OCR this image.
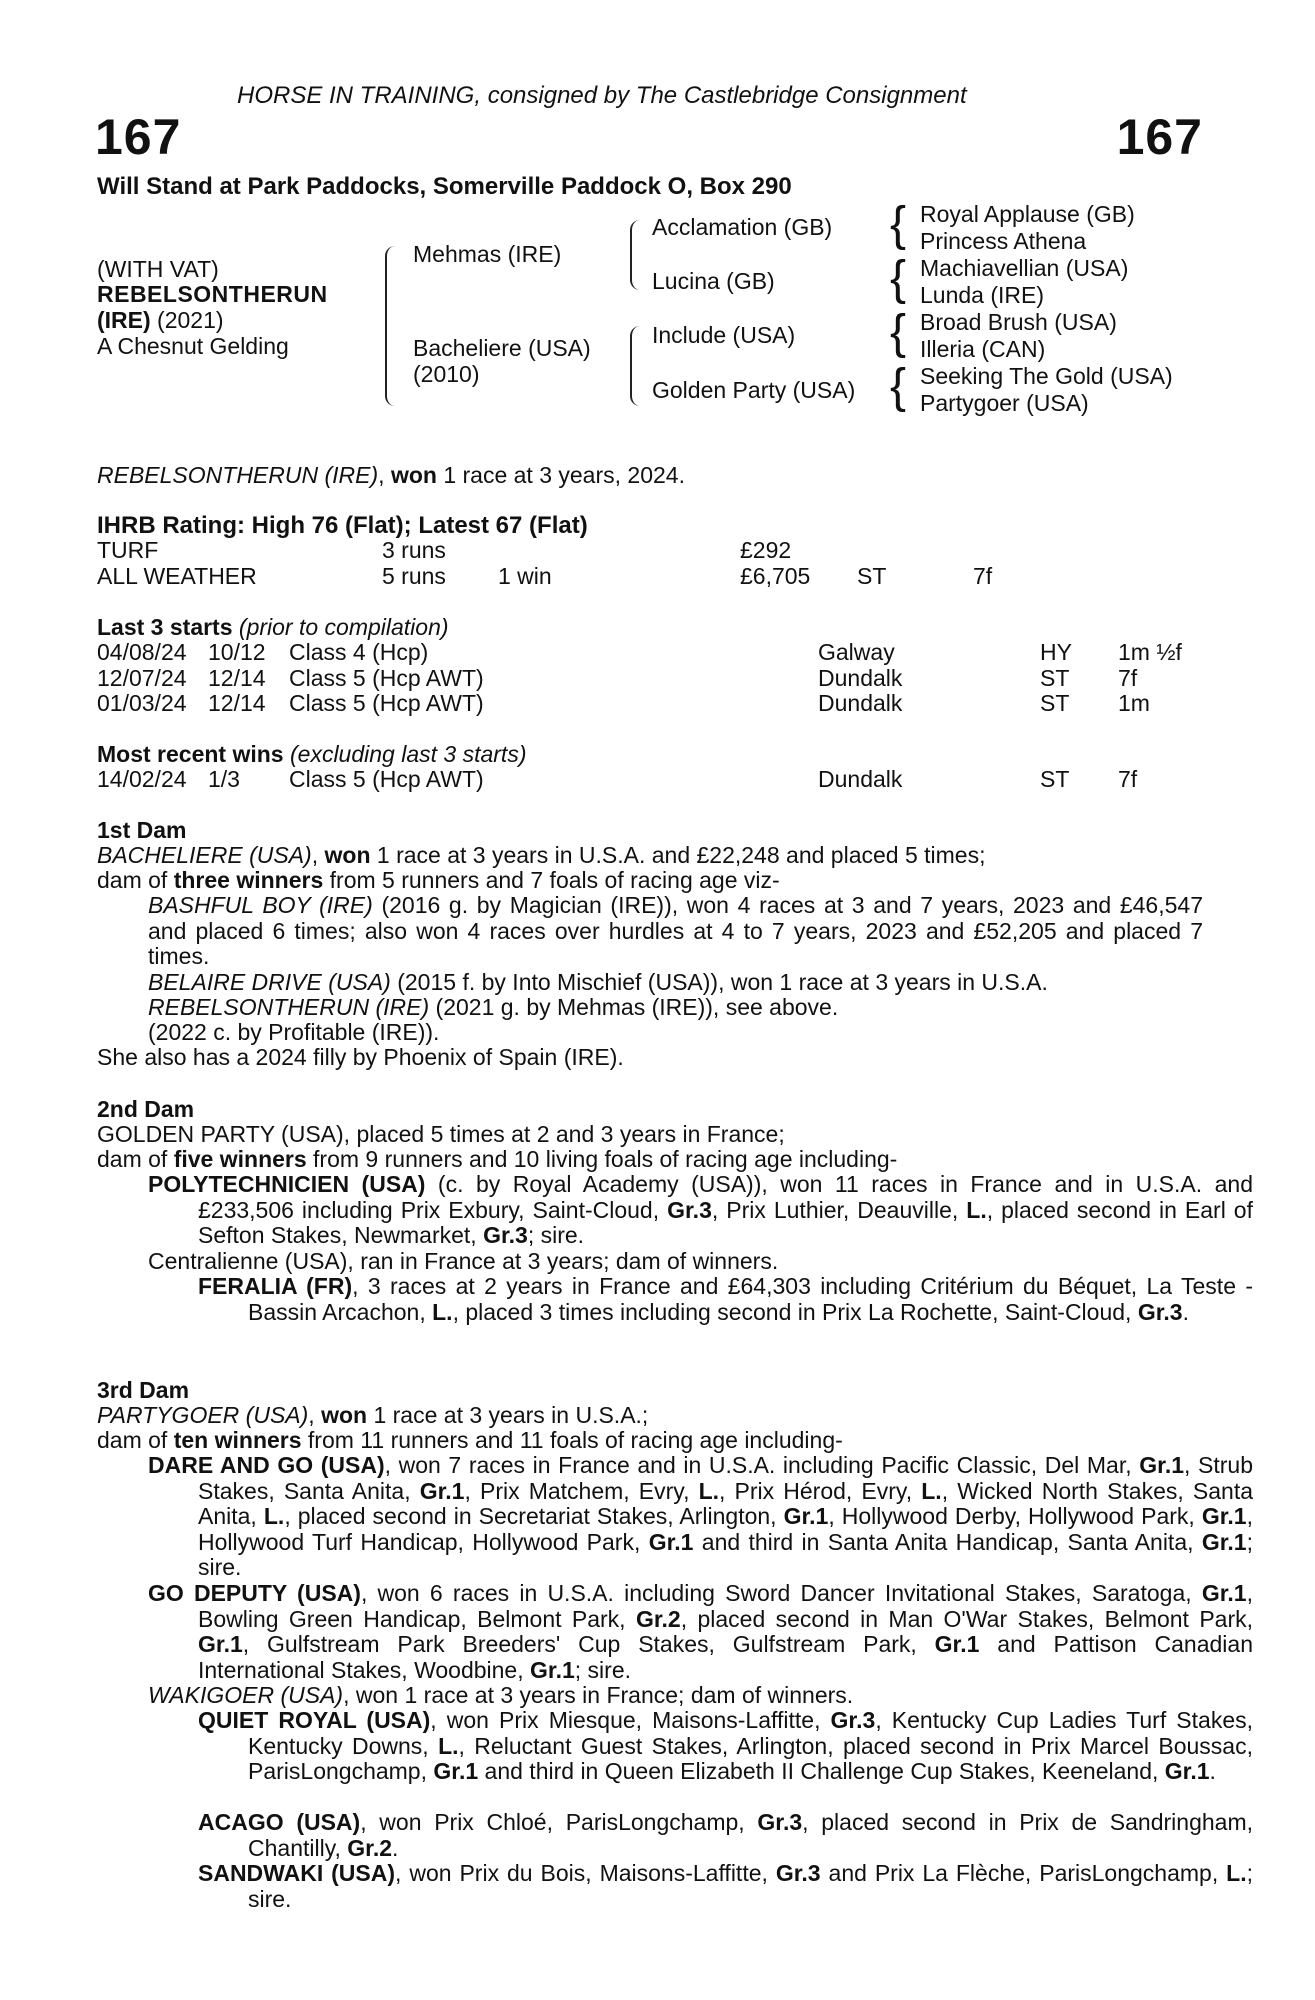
HORSE IN TRAINING, consigned by The Castlebridge Consignment
167	167
Will Stand at Park Paddocks, Somerville Paddock O, Box 290
(WITH VAT)
REBELSONTHERUN
(IRE) (2021)
A Chesnut Gelding
Mehmas (IRE)
Bacheliere (USA)
(2010)
Acclamation (GB)
Lucina (GB)
Include (USA)
Golden Party (USA)
{
{
{
{
Royal Applause (GB)
Princess Athena
Machiavellian (USA)
Lunda (IRE)
Broad Brush (USA)
Illeria (CAN)
Seeking The Gold (USA)
Partygoer (USA)
REBELSONTHERUN (IRE), won 1 race at 3 years, 2024.
IHRB Rating: High 76 (Flat); Latest 67 (Flat)
TURF	3 runs	£292
ALL WEATHER	5 runs 1 win	£6,705 ST	7f
Last 3 starts (prior to compilation)
04/08/24 10/12 Class 4 (Hcp)	Galway	HY 1m ½f
12/07/24 12/14 Class 5 (Hcp AWT)	Dundalk	ST 7f
01/03/24 12/14 Class 5 (Hcp AWT)	Dundalk	ST 1m
Most recent wins (excluding last 3 starts)
14/02/24 1/3 Class 5 (Hcp AWT)	Dundalk	ST 7f
1st Dam
BACHELIERE (USA), won 1 race at 3 years in U.S.A. and £22,248 and placed 5 times;
dam of three winners from 5 runners and 7 foals of racing age viz-
BASHFUL BOY (IRE) (2016 g. by Magician (IRE)), won 4 races at 3 and 7 years, 2023 and £46,547 and placed 6 times; also won 4 races over hurdles at 4 to 7 years, 2023 and £52,205 and placed 7 times.
BELAIRE DRIVE (USA) (2015 f. by Into Mischief (USA)), won 1 race at 3 years in U.S.A.
REBELSONTHERUN (IRE) (2021 g. by Mehmas (IRE)), see above.
(2022 c. by Profitable (IRE)).
She also has a 2024 filly by Phoenix of Spain (IRE).
2nd Dam
GOLDEN PARTY (USA), placed 5 times at 2 and 3 years in France;
dam of five winners from 9 runners and 10 living foals of racing age including-
POLYTECHNICIEN (USA) (c. by Royal Academy (USA)), won 11 races in France and in U.S.A. and £233,506 including Prix Exbury, Saint-Cloud, Gr.3, Prix Luthier, Deauville, L., placed second in Earl of Sefton Stakes, Newmarket, Gr.3; sire.
Centralienne (USA), ran in France at 3 years; dam of winners.
FERALIA (FR), 3 races at 2 years in France and £64,303 including Critérium du Béquet, La Teste - Bassin Arcachon, L., placed 3 times including second in Prix La Rochette, Saint-Cloud, Gr.3.
3rd Dam
PARTYGOER (USA), won 1 race at 3 years in U.S.A.;
dam of ten winners from 11 runners and 11 foals of racing age including-
DARE AND GO (USA), won 7 races in France and in U.S.A. including Pacific Classic, Del Mar, Gr.1, Strub Stakes, Santa Anita, Gr.1, Prix Matchem, Evry, L., Prix Hérod, Evry, L., Wicked North Stakes, Santa Anita, L., placed second in Secretariat Stakes, Arlington, Gr.1, Hollywood Derby, Hollywood Park, Gr.1, Hollywood Turf Handicap, Hollywood Park, Gr.1 and third in Santa Anita Handicap, Santa Anita, Gr.1; sire.
GO DEPUTY (USA), won 6 races in U.S.A. including Sword Dancer Invitational Stakes, Saratoga, Gr.1, Bowling Green Handicap, Belmont Park, Gr.2, placed second in Man O'War Stakes, Belmont Park, Gr.1, Gulfstream Park Breeders' Cup Stakes, Gulfstream Park, Gr.1 and Pattison Canadian International Stakes, Woodbine, Gr.1; sire.
WAKIGOER (USA), won 1 race at 3 years in France; dam of winners.
QUIET ROYAL (USA), won Prix Miesque, Maisons-Laffitte, Gr.3, Kentucky Cup Ladies Turf Stakes, Kentucky Downs, L., Reluctant Guest Stakes, Arlington, placed second in Prix Marcel Boussac, ParisLongchamp, Gr.1 and third in Queen Elizabeth II Challenge Cup Stakes, Keeneland, Gr.1.
ACAGO (USA), won Prix Chloé, ParisLongchamp, Gr.3, placed second in Prix de Sandringham, Chantilly, Gr.2.
SANDWAKI (USA), won Prix du Bois, Maisons-Laffitte, Gr.3 and Prix La Flèche, ParisLongchamp, L.; sire.
